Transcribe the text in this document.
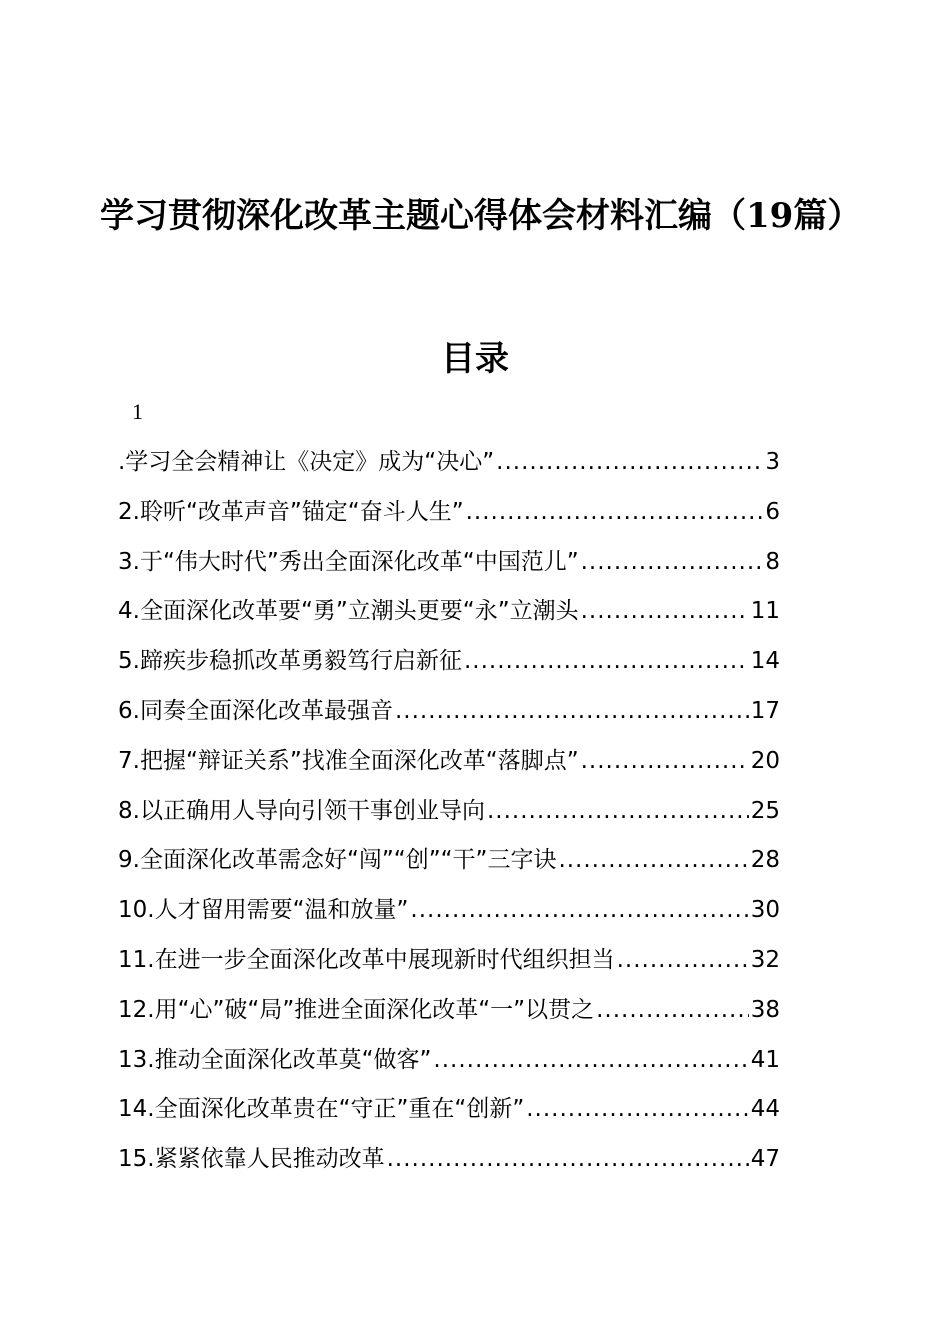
学习贯彻深化改革主题心得体会材料汇编（19篇）
目录
1
.学习全会精神让《决定》成为“决心” .....	3
2.聆听“改革声音”锚定“奋斗人生” .....	6
3.于“伟大时代”秀出全面深化改革“中国范儿” .....	8
4.全面深化改革要“勇”立潮头更要“永”立潮头 .....	11
5.蹄疾步稳抓改革勇毅笃行启新征 .....	14
6.同奏全面深化改革最强音 .....	17
7.把握“辩证关系”找准全面深化改革“落脚点” .....	20
8.以正确用人导向引领干事创业导向 .....	25
9.全面深化改革需念好“闯”“创”“干”三字诀 .....	28
10.人才留用需要“温和放量” .....	30
11.在进一步全面深化改革中展现新时代组织担当 .....	32
12.用“心”破“局”推进全面深化改革“一”以贯之 .....	38
13.推动全面深化改革莫“做客” .....	41
14.全面深化改革贵在“守正”重在“创新” .....	44
15.紧紧依靠人民推动改革 .....	47
